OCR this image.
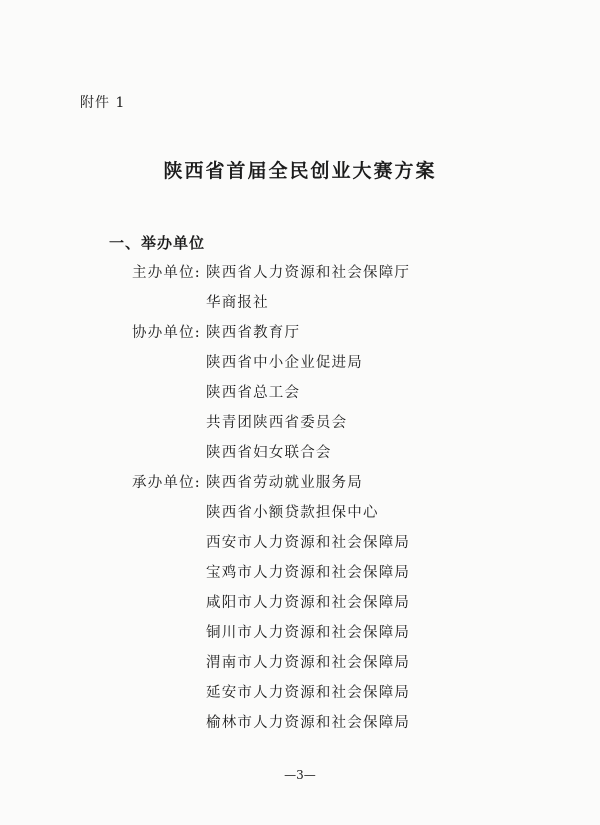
附件 1
陕西省首届全民创业大赛方案
一、举办单位
主办单位: 陕西省人力资源和社会保障厅
华商报社
协办单位: 陕西省教育厅
陕西省中小企业促进局
陕西省总工会
共青团陕西省委员会
陕西省妇女联合会
承办单位: 陕西省劳动就业服务局
陕西省小额贷款担保中心
西安市人力资源和社会保障局
宝鸡市人力资源和社会保障局
咸阳市人力资源和社会保障局
铜川市人力资源和社会保障局
渭南市人力资源和社会保障局
延安市人力资源和社会保障局
榆林市人力资源和社会保障局
—3—
